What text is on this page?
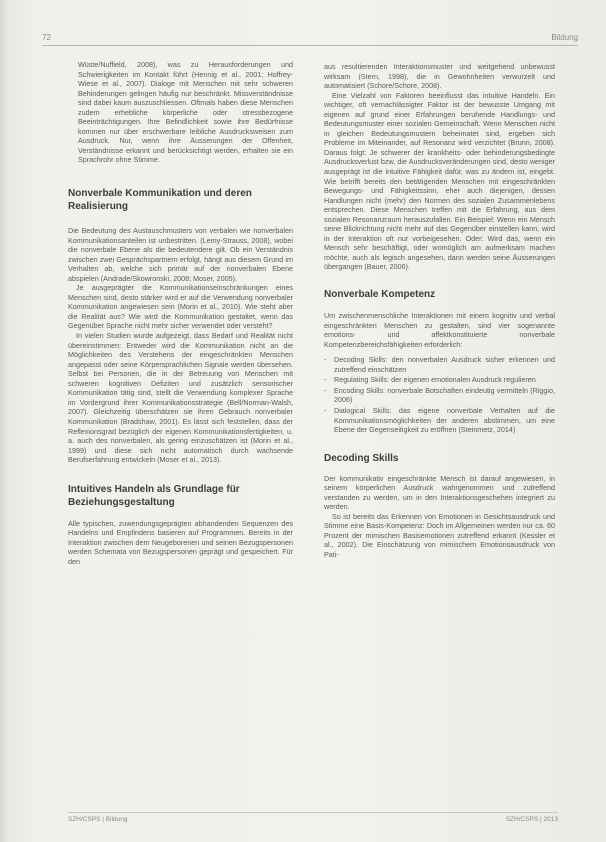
72	Bildung

Wüste/Nuffield, 2008), was zu Herausforderungen und Schwierigkeiten im Kontakt führt (Hennig et al., 2001; Hoffrey-Wiese et al., 2007). Dialoge mit Menschen mit sehr schweren Behinderungen gelingen häufig nur beschränkt. Missverständnisse sind dabei kaum auszuschliessen. Oftmals haben diese Menschen zudem erhebliche körperliche oder stressbezogene Beeinträchtigungen. Ihre Befindlichkeit sowie ihre Bedürfnisse kommen nur über erschwerbare leibliche Ausdrucksweisen zum Ausdruck. Nur, wenn ihre Äusserungen der Offenheit, Verständnisse erkannt und berücksichtigt werden, erhalten sie ein Sprachrohr ohne Stimme.

Nonverbale Kommunikation und deren Realisierung

Die Bedeutung des Austauschmusters von verbalen wie nonverbalen Kommunikationsanteilen ist unbestritten. (Lemy-Strauss, 2008), wobei die nonverbale Ebene als die bedeutendere gilt. Ob ein Verständnis zwischen zwei Gesprächspartnern erfolgt, hängt aus diesem Grund im Verhalten ab, welche sich primär auf der nonverbalen Ebene abspielen (Andrade/Skowronski, 2008; Moser, 2005).

Je ausgeprägter die Kommunikationseinschränkungen eines Menschen sind, desto stärker wird er auf die Verwendung nonverbaler Kommunikation angewiesen sein (Morin et al., 2010). Wie steht aber die Realität aus? Wie wird die Kommunikation gestaltet, wenn das Gegenüber Sprache nicht mehr sicher verwendet oder versteht?

In vielen Studien wurde aufgezeigt, dass Bedarf und Realität nicht übereinstimmen: Entweder wird die Kommunikation nicht an die Möglichkeiten des Verstehens der eingeschränkten Menschen angepasst oder seine Körpersprachlichen Signale werden übersehen. Selbst bei Personen, die in der Betreuung von Menschen mit schweren kognitiven Defiziten und zusätzlich sensorischer Kommunikation tätig sind, stellt die Verwendung komplexer Sprache im Vordergrund ihrer Kommunikationsstrategie (Bell/Norman-Walsh, 2007). Gleichzeitig überschätzen sie ihren Gebrauch nonverbaler Kommunikation (Bradshaw, 2001). Es lässt sich feststellen, dass der Reflexionsgrad bezüglich der eigenen Kommunikationsfertigkeiten, u. a. auch des nonverbalen, als gering einzuschätzen ist (Morin et al., 1999) und diese sich nicht automatisch durch wachsende Berufserfahrung entwickeln (Moser et al., 2013).

Intuitives Handeln als Grundlage für Beziehungsgestaltung

Alle typischen, zuwendungsgeprägten abhandenden Sequenzen des Handelns und Empfindens basieren auf Programmen. Bereits in der Interaktion zwischen dem Neugeborenen und seinen Bezugspersonen werden Schemata von Bezugspersonen geprägt und gespeichert. Für den

aus resultierenden Interaktionsmuster und weitgehend unbewusst wirksam (Stern, 1998), die in Gewohnheiten verwurzelt und automatisiert (Schore/Schore, 2008).

Eine Vielzahl von Faktoren beeinflusst das intuitive Handeln. Ein wichtiger, oft vernachlässigter Faktor ist der bewusste Umgang mit eigenen auf grund einer Erfahrungen beruhende Handlungs- und Bedeutungsmuster einer sozialen Gemeinschaft. Wenn Menschen nicht in gleichen Bedeutungsmustern beheimatet sind, ergeben sich Probleme im Miteinander, auf Resonanz wird verzichtet (Brunn, 2008). Daraus folgt: Je schwerer der krankheits- oder behinderungsbedingte Ausdrucksverlust bzw. die Ausdrucksveränderungen sind, desto weniger ausgeprägt ist die intuitive Fähigkeit dafür, was zu ändern ist, eingebt. Wie betrifft bereits den betätigenden Menschen mit eingeschränkten Bewegungs- und Fähigkeitssinn, eher auch diejenigen, dessen Handlungen nicht (mehr) den Normen des sozialen Zusammenlebens entsprechen. Diese Menschen treffen mit die Erfahrung, aus dem sozialen Resonanzraum herauszufallen. Ein Beispiel: Wenn ein Mensch seine Blickrichtung nicht mehr auf das Gegenüber einstellen kann, wird in der Interaktion oft nur vorbeigesehen. Oder: Wird das, wenn ein Mensch sehr beschäftigt, oder womöglich am aufmerksam machen möchte, auch als legisch angesehen, dann werden seine Äusserungen übergangen (Bauer, 2006).

Nonverbale Kompetenz

Um zwischenmenschliche Interaktionen mit einem kognitiv und verbal eingeschränkten Menschen zu gestalten, sind vier sogenannte emotions- und affektkonstituierte nonverbale Kompetenzbereichsfähigkeiten erforderlich:

- Decoding Skills: den nonverbalen Ausdruck sicher erkennen und zutreffend einschätzen
- Regulating Skills: der eigenen emotionalen Ausdruck regulieren
- Encoding Skills: nonverbale Botschaften eindeutig vermitteln (Riggio, 2006)
- Dialogical Skills: das eigene nonverbale Verhalten auf die Kommunikationsmöglichkeiten der anderen abstimmen, um eine Ebene der Gegenseitigkeit zu eröffnen (Steinmetz, 2014)
Decoding Skills

Der kommunikativ eingeschränkte Mensch ist darauf angewiesen, in seinem körperlichen Ausdruck wahrgenommen und zutreffend verstanden zu werden, um in den Interaktionsgeschehen integriert zu werden.

So ist bereits das Erkennen von Emotionen in Gesichtsausdruck und Stimme eine Basis-Kompetenz: Doch im Allgemeinen werden nur ca. 60 Prozent der mimischen Basisemotionen zutreffend erkannt (Kessler et al., 2002). Die Einschätzung von mimischem Emotionsausdruck von Pati-

SZH/CSPS | Bildung	SZH/CSPS | 2013
